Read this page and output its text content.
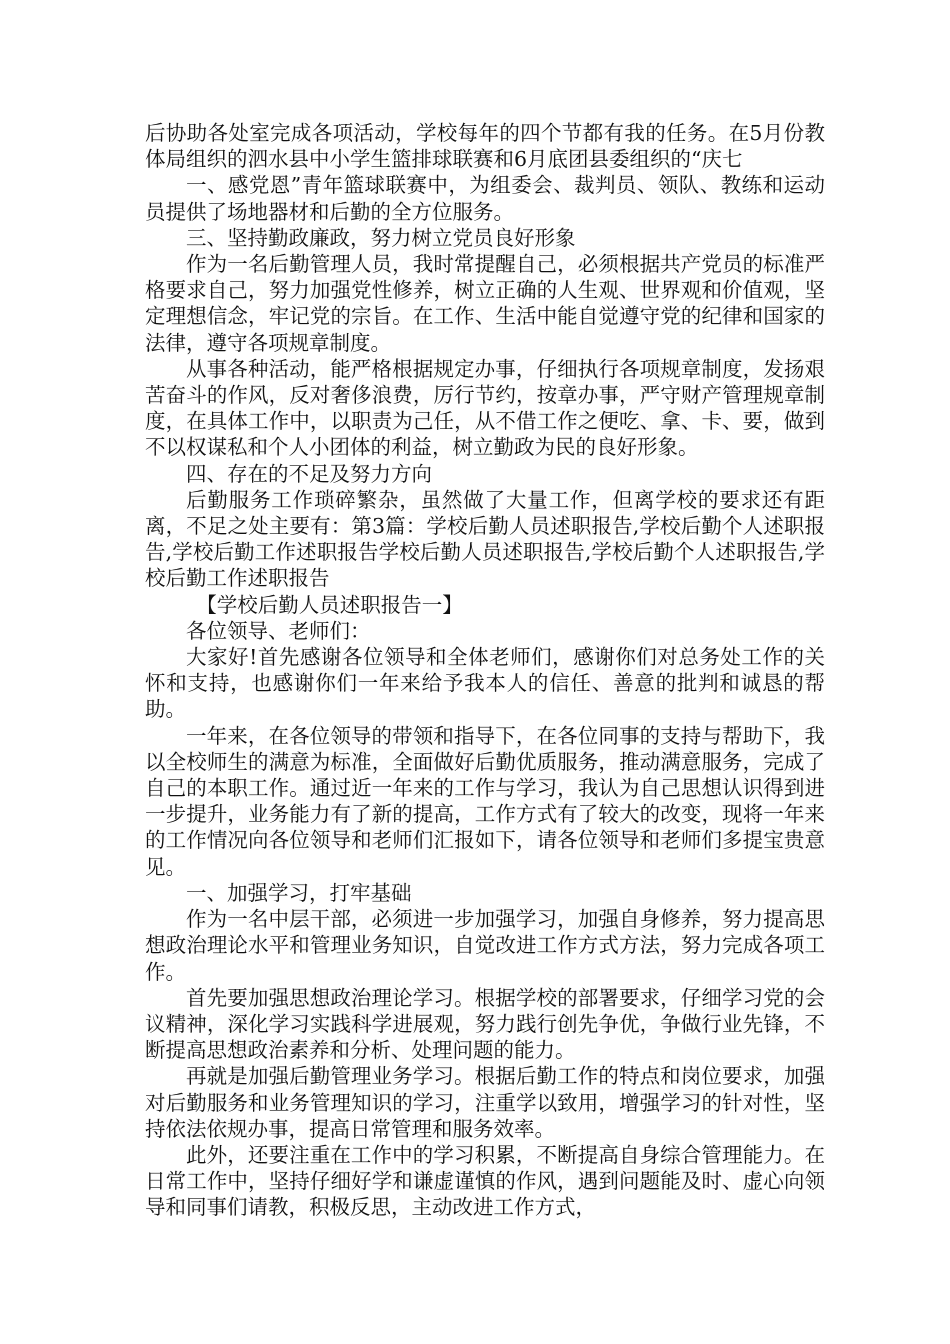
后协助各处室完成各项活动，学校每年的四个节都有我的任务。在5月份教体局组织的泗水县中小学生篮排球联赛和6月底团县委组织的“庆七

一、感党恩”青年篮球联赛中，为组委会、裁判员、领队、教练和运动员提供了场地器材和后勤的全方位服务。

三、坚持勤政廉政，努力树立党员良好形象

作为一名后勤管理人员，我时常提醒自己，必须根据共产党员的标准严格要求自己，努力加强党性修养，树立正确的人生观、世界观和价值观，坚定理想信念，牢记党的宗旨。在工作、生活中能自觉遵守党的纪律和国家的法律，遵守各项规章制度。

从事各种活动，能严格根据规定办事，仔细执行各项规章制度，发扬艰苦奋斗的作风，反对奢侈浪费，厉行节约，按章办事，严守财产管理规章制度，在具体工作中，以职责为己任，从不借工作之便吃、拿、卡、要，做到不以权谋私和个人小团体的利益，树立勤政为民的良好形象。

四、存在的不足及努力方向

后勤服务工作琐碎繁杂，虽然做了大量工作，但离学校的要求还有距离，不足之处主要有：第3篇：学校后勤人员述职报告,学校后勤个人述职报告,学校后勤工作述职报告学校后勤人员述职报告,学校后勤个人述职报告,学校后勤工作述职报告

【学校后勤人员述职报告一】

各位领导、老师们：

大家好!首先感谢各位领导和全体老师们，感谢你们对总务处工作的关怀和支持，也感谢你们一年来给予我本人的信任、善意的批判和诚恳的帮助。

一年来，在各位领导的带领和指导下，在各位同事的支持与帮助下，我以全校师生的满意为标准，全面做好后勤优质服务，推动满意服务，完成了自己的本职工作。通过近一年来的工作与学习，我认为自己思想认识得到进一步提升，业务能力有了新的提高，工作方式有了较大的改变，现将一年来的工作情况向各位领导和老师们汇报如下，请各位领导和老师们多提宝贵意见。

一、加强学习，打牢基础

作为一名中层干部，必须进一步加强学习，加强自身修养，努力提高思想政治理论水平和管理业务知识，自觉改进工作方式方法，努力完成各项工作。

首先要加强思想政治理论学习。根据学校的部署要求，仔细学习党的会议精神，深化学习实践科学进展观，努力践行创先争优，争做行业先锋，不断提高思想政治素养和分析、处理问题的能力。

再就是加强后勤管理业务学习。根据后勤工作的特点和岗位要求，加强对后勤服务和业务管理知识的学习，注重学以致用，增强学习的针对性，坚持依法依规办事，提高日常管理和服务效率。

此外，还要注重在工作中的学习积累，不断提高自身综合管理能力。在日常工作中，坚持仔细好学和谦虚谨慎的作风，遇到问题能及时、虚心向领导和同事们请教，积极反思，主动改进工作方式，
